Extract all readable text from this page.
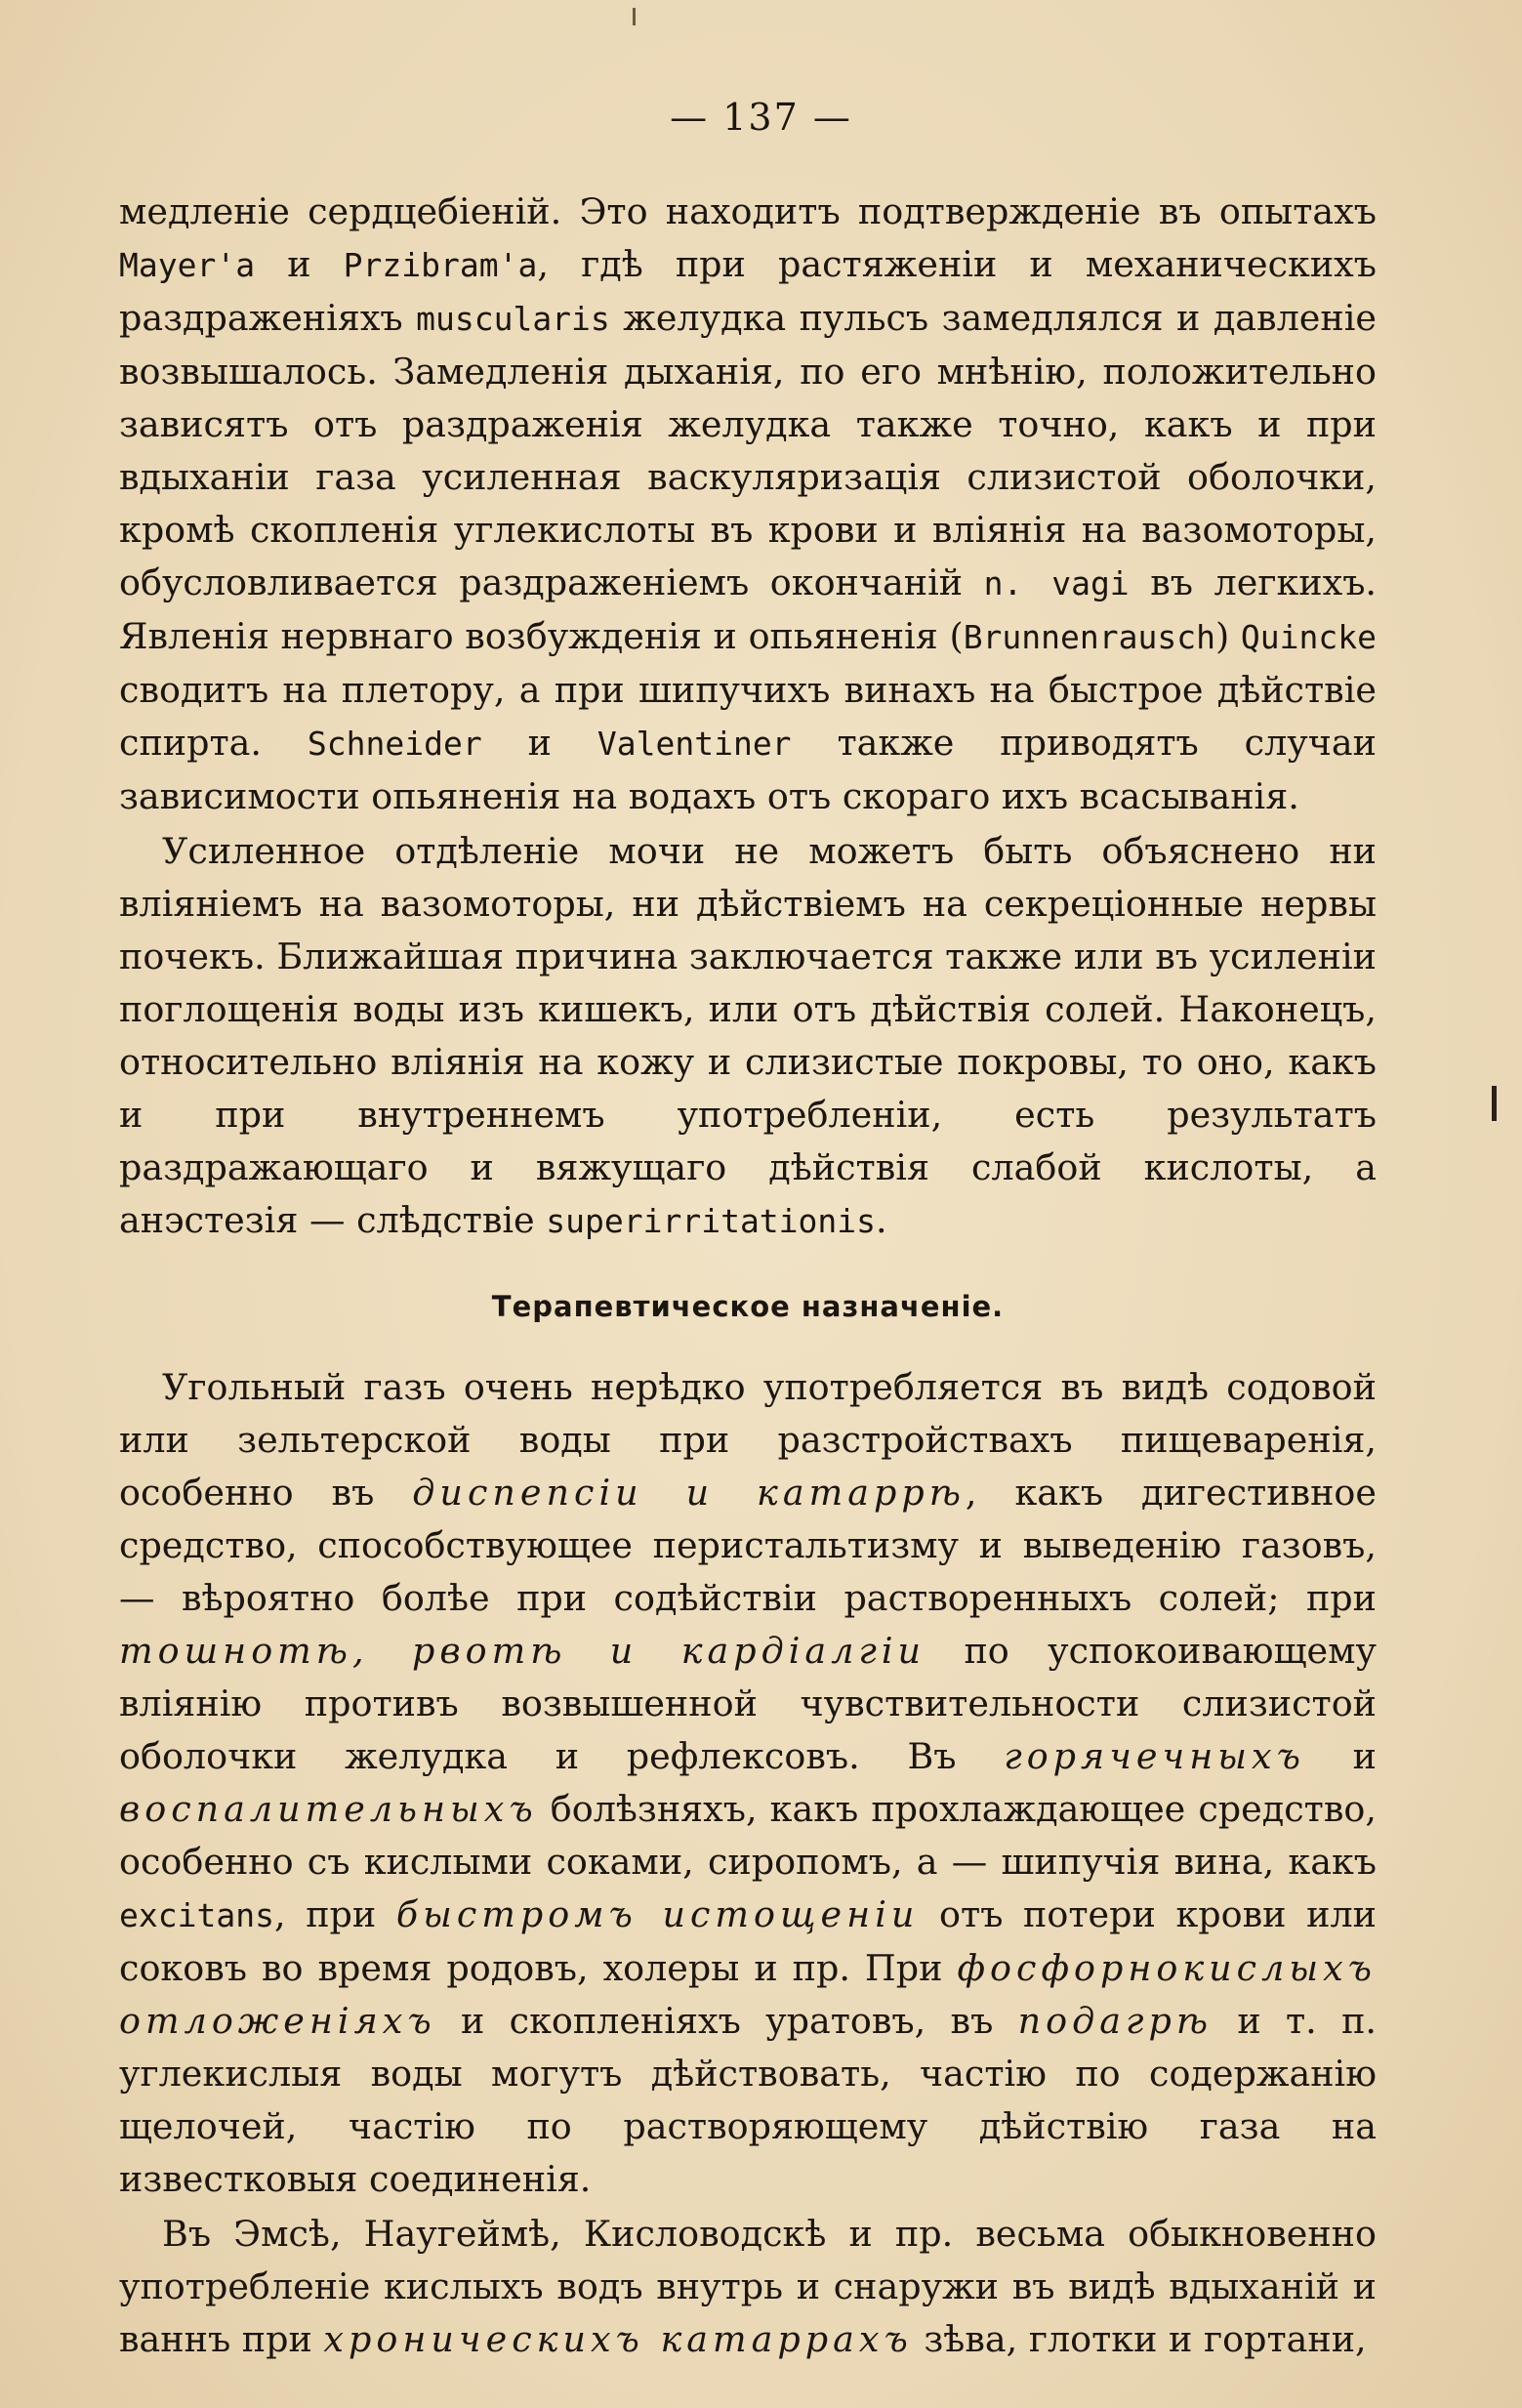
— 137 —

медленіе сердцебіеній. Это находитъ подтвержденіе въ опытахъ Mayer'a и Przibram'a, гдѣ при растяженіи и механическихъ раздраженіяхъ muscularis желудка пульсъ замедлялся и давленіе возвышалось. Замедленія дыханія, по его мнѣнію, положительно зависятъ отъ раздраженія желудка также точно, какъ и при вдыханіи газа усиленная васкуляризація слизистой оболочки, кромѣ скопленія углекислоты въ крови и вліянія на вазомоторы, обусловливается раздраженіемъ окончаній n. vagi въ легкихъ. Явленія нервнаго возбужденія и опьяненія (Brunnenrausch) Quincke сводитъ на плетору, а при шипучихъ винахъ на быстрое дѣйствіе спирта. Schneider и Valentiner также приводятъ случаи зависимости опьяненія на водахъ отъ скораго ихъ всасыванія.

Усиленное отдѣленіе мочи не можетъ быть объяснено ни вліяніемъ на вазомоторы, ни дѣйствіемъ на секреціонные нервы почекъ. Ближайшая причина заключается также или въ усиленіи поглощенія воды изъ кишекъ, или отъ дѣйствія солей. Наконецъ, относительно вліянія на кожу и слизистые покровы, то оно, какъ и при внутреннемъ употребленіи, есть результатъ раздражающаго и вяжущаго дѣйствія слабой кислоты, а анэстезія — слѣдствіе superirritationis.

Терапевтическое назначеніе.

Угольный газъ очень нерѣдко употребляется въ видѣ содовой или зельтерской воды при разстройствахъ пищеваренія, особенно въ диспепсіи и катаррѣ, какъ дигестивное средство, способствующее перистальтизму и выведенію газовъ, — вѣроятно болѣе при содѣйствіи растворенныхъ солей; при тошнотѣ, рвотѣ и кардіалгіи по успокоивающему вліянію противъ возвышенной чувствительности слизистой оболочки желудка и рефлексовъ. Въ горячечныхъ и воспалительныхъ болѣзняхъ, какъ прохлаждающее средство, особенно съ кислыми соками, сиропомъ, а — шипучія вина, какъ excitans, при быстромъ истощеніи отъ потери крови или соковъ во время родовъ, холеры и пр. При фосфорнокислыхъ отложеніяхъ и скопленіяхъ уратовъ, въ подагрѣ и т. п. углекислыя воды могутъ дѣйствовать, частію по содержанію щелочей, частію по растворяющему дѣйствію газа на известковыя соединенія.

Въ Эмсѣ, Наугеймѣ, Кисловодскѣ и пр. весьма обыкновенно употребленіе кислыхъ водъ внутрь и снаружи въ видѣ вдыханій и ваннъ при хроническихъ катаррахъ зѣва, глотки и гортани,
